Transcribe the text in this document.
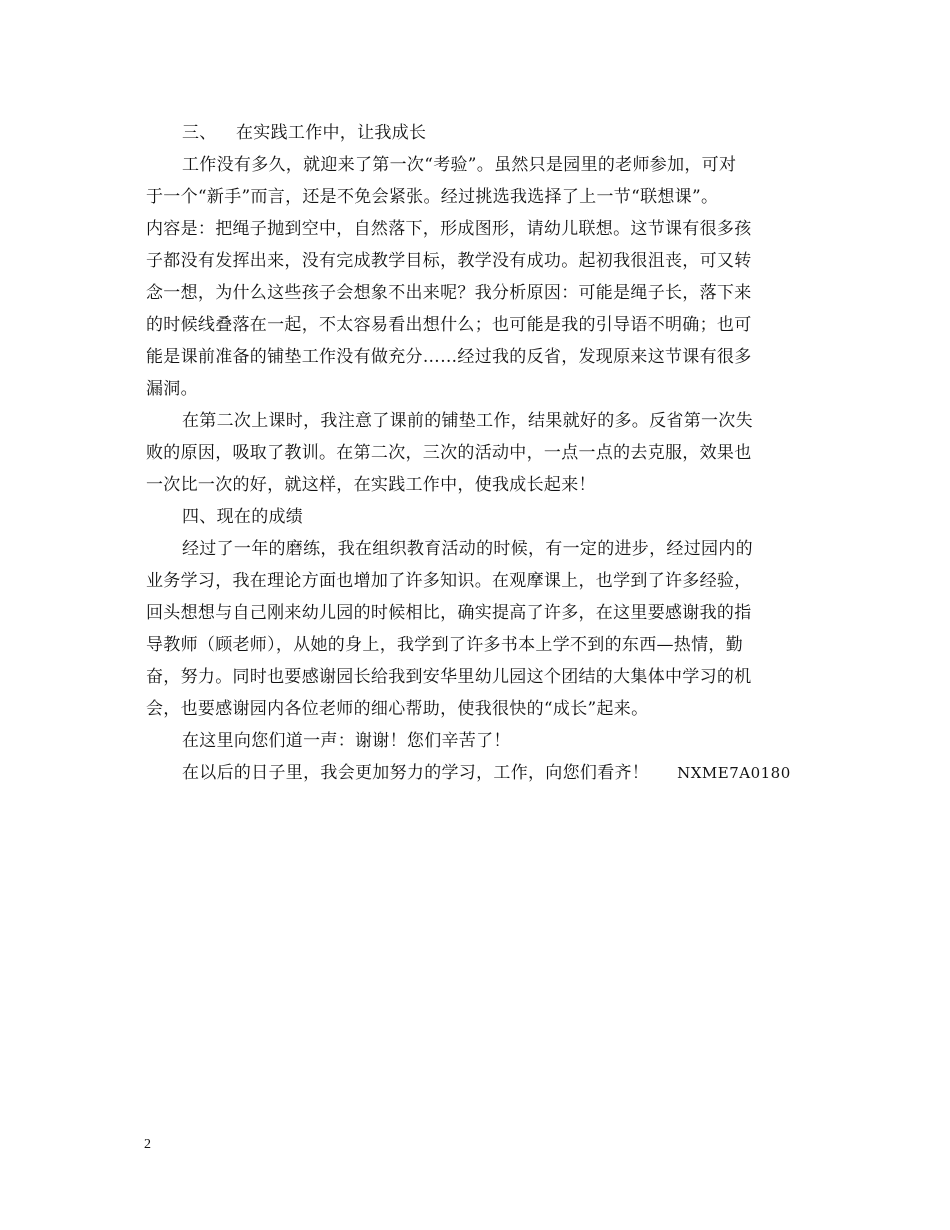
三、 在实践工作中，让我成长
工作没有多久，就迎来了第一次“考验”。虽然只是园里的老师参加，可对
于一个“新手”而言，还是不免会紧张。经过挑选我选择了上一节“联想课”。
内容是：把绳子抛到空中，自然落下，形成图形，请幼儿联想。这节课有很多孩
子都没有发挥出来，没有完成教学目标，教学没有成功。起初我很沮丧，可又转
念一想，为什么这些孩子会想象不出来呢？我分析原因：可能是绳子长，落下来
的时候线叠落在一起，不太容易看出想什么；也可能是我的引导语不明确；也可
能是课前准备的铺垫工作没有做充分……经过我的反省，发现原来这节课有很多
漏洞。
在第二次上课时，我注意了课前的铺垫工作，结果就好的多。反省第一次失
败的原因，吸取了教训。在第二次，三次的活动中，一点一点的去克服，效果也
一次比一次的好，就这样，在实践工作中，使我成长起来！
四、现在的成绩
经过了一年的磨练，我在组织教育活动的时候，有一定的进步，经过园内的
业务学习，我在理论方面也增加了许多知识。在观摩课上，也学到了许多经验，
回头想想与自己刚来幼儿园的时候相比，确实提高了许多，在这里要感谢我的指
导教师（顾老师），从她的身上，我学到了许多书本上学不到的东西—热情，勤
奋，努力。同时也要感谢园长给我到安华里幼儿园这个团结的大集体中学习的机
会，也要感谢园内各位老师的细心帮助，使我很快的“成长”起来。
在这里向您们道一声：谢谢！您们辛苦了！
在以后的日子里，我会更加努力的学习，工作，向您们看齐！ NXME7A0180
2
